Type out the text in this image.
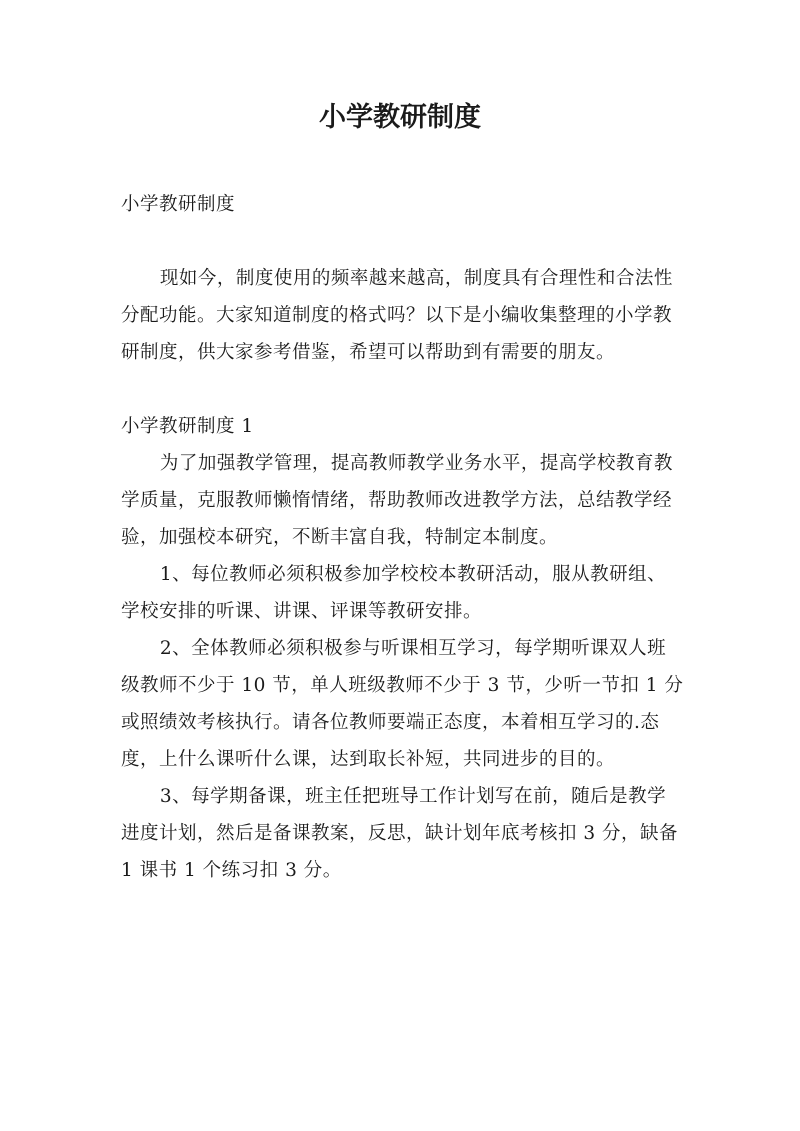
小学教研制度

小学教研制度

现如今，制度使用的频率越来越高，制度具有合理性和合法性分配功能。大家知道制度的格式吗？以下是小编收集整理的小学教研制度，供大家参考借鉴，希望可以帮助到有需要的朋友。

小学教研制度 1

为了加强教学管理，提高教师教学业务水平，提高学校教育教学质量，克服教师懒惰情绪，帮助教师改进教学方法，总结教学经验，加强校本研究，不断丰富自我，特制定本制度。

1、每位教师必须积极参加学校校本教研活动，服从教研组、学校安排的听课、讲课、评课等教研安排。

2、全体教师必须积极参与听课相互学习，每学期听课双人班级教师不少于 10 节，单人班级教师不少于 3 节，少听一节扣 1 分或照绩效考核执行。请各位教师要端正态度，本着相互学习的.态度，上什么课听什么课，达到取长补短，共同进步的目的。

3、每学期备课，班主任把班导工作计划写在前，随后是教学进度计划，然后是备课教案，反思，缺计划年底考核扣 3 分，缺备 1 课书 1 个练习扣 3 分。
